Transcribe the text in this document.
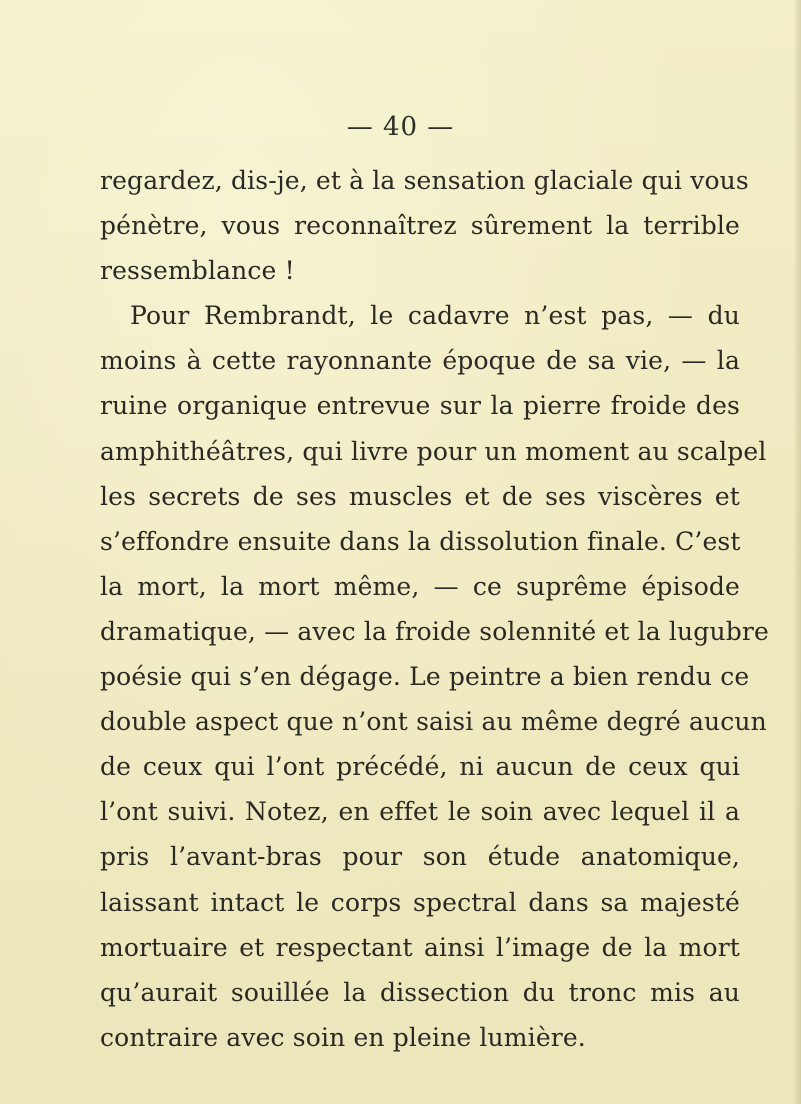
— 40 —
regardez, dis-je, et à la sensation glaciale qui vous
pénètre, vous reconnaîtrez sûrement la terrible
ressemblance !
Pour Rembrandt, le cadavre n’est pas, — du
moins à cette rayonnante époque de sa vie, — la
ruine organique entrevue sur la pierre froide des
amphithéâtres, qui livre pour un moment au scalpel
les secrets de ses muscles et de ses viscères et
s’effondre ensuite dans la dissolution finale. C’est
la mort, la mort même, — ce suprême épisode
dramatique, — avec la froide solennité et la lugubre
poésie qui s’en dégage. Le peintre a bien rendu ce
double aspect que n’ont saisi au même degré aucun
de ceux qui l’ont précédé, ni aucun de ceux qui
l’ont suivi. Notez, en effet le soin avec lequel il a
pris l’avant-bras pour son étude anatomique,
laissant intact le corps spectral dans sa majesté
mortuaire et respectant ainsi l’image de la mort
qu’aurait souillée la dissection du tronc mis au
contraire avec soin en pleine lumière.
